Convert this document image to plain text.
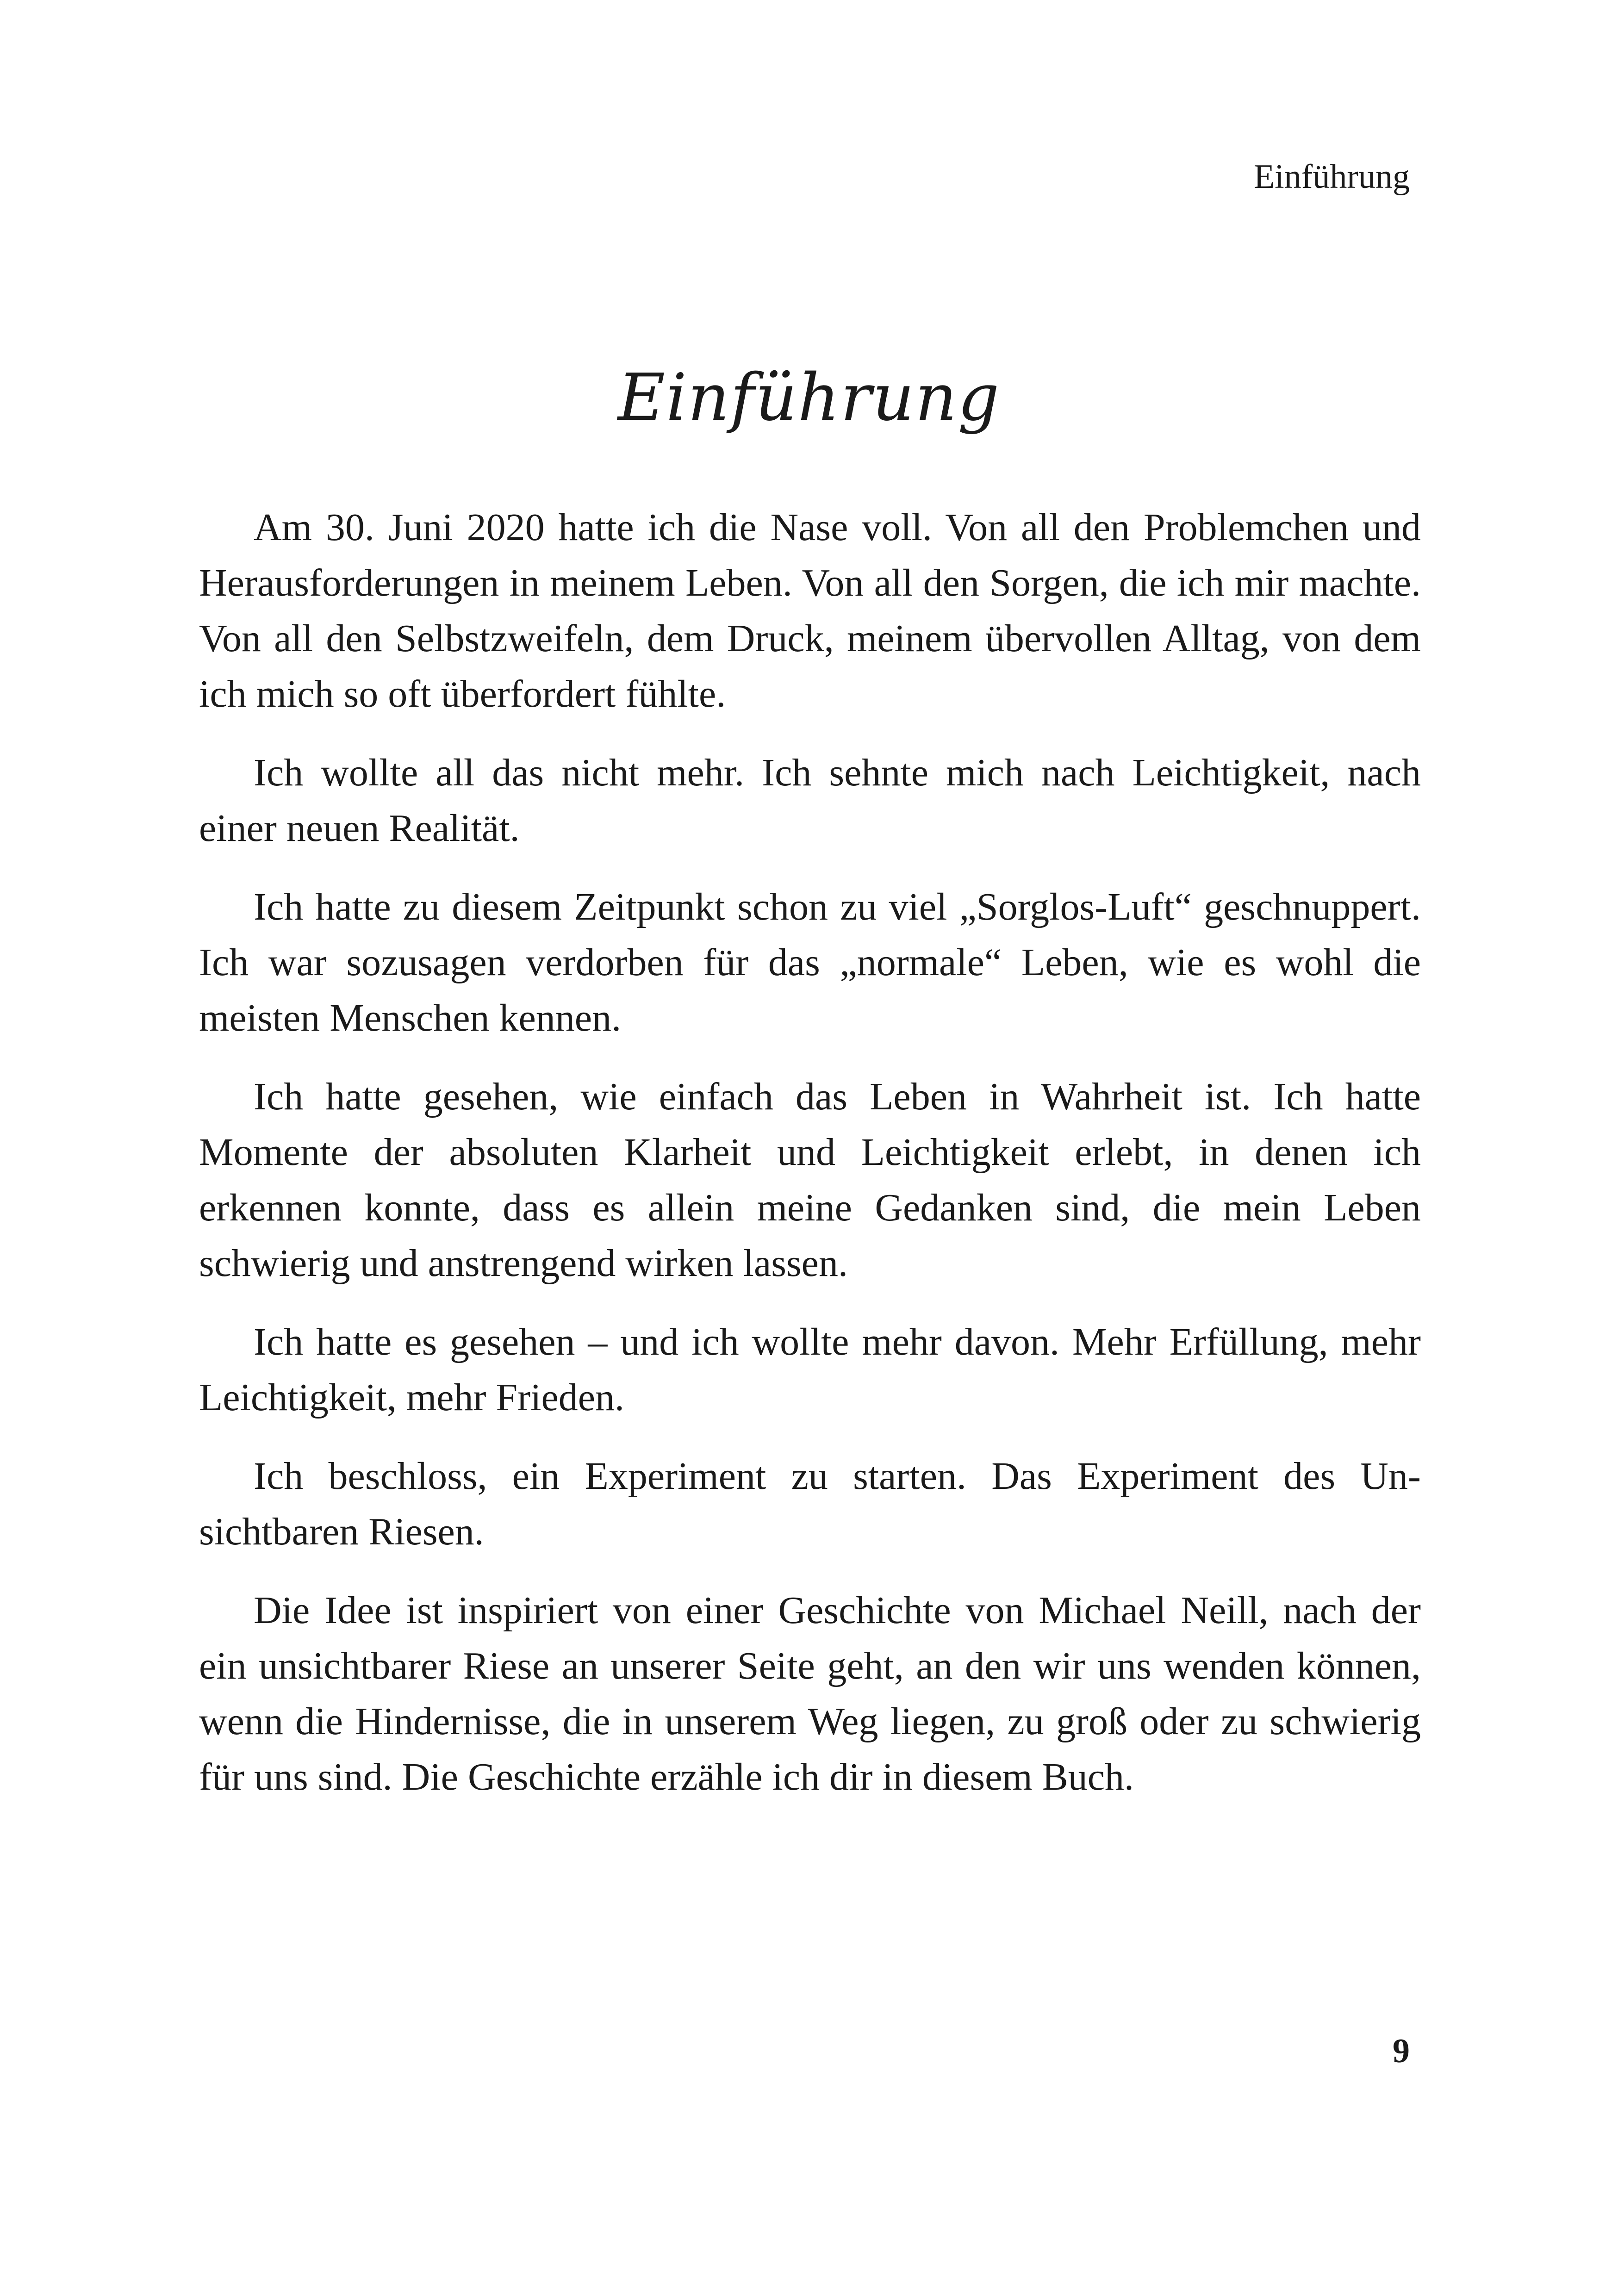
Einführung
Einführung

Am 30. Juni 2020 hatte ich die Nase voll. Von all den Problemchen und Herausforderungen in meinem Leben. Von all den Sorgen, die ich mir machte. Von all den Selbstzweifeln, dem Druck, meinem übervollen Alltag, von dem ich mich so oft überfordert fühlte.

Ich wollte all das nicht mehr. Ich sehnte mich nach Leichtigkeit, nach einer neuen Realität.

Ich hatte zu diesem Zeitpunkt schon zu viel „Sorglos-Luft“ geschnuppert. Ich war sozusagen verdorben für das „normale“ Leben, wie es wohl die meisten Menschen kennen.

Ich hatte gesehen, wie einfach das Leben in Wahrheit ist. Ich hatte Momente der absoluten Klarheit und Leichtigkeit erlebt, in denen ich erkennen konnte, dass es allein meine Gedanken sind, die mein Leben schwierig und anstrengend wirken lassen.

Ich hatte es gesehen – und ich wollte mehr davon. Mehr Erfüllung, mehr Leichtigkeit, mehr Frieden.

Ich beschloss, ein Experiment zu starten. Das Experiment des Unsichtbaren Riesen.

Die Idee ist inspiriert von einer Geschichte von Michael Neill, nach der ein unsichtbarer Riese an unserer Seite geht, an den wir uns wenden können, wenn die Hindernisse, die in unserem Weg liegen, zu groß oder zu schwierig für uns sind. Die Geschichte erzähle ich dir in diesem Buch.

9
